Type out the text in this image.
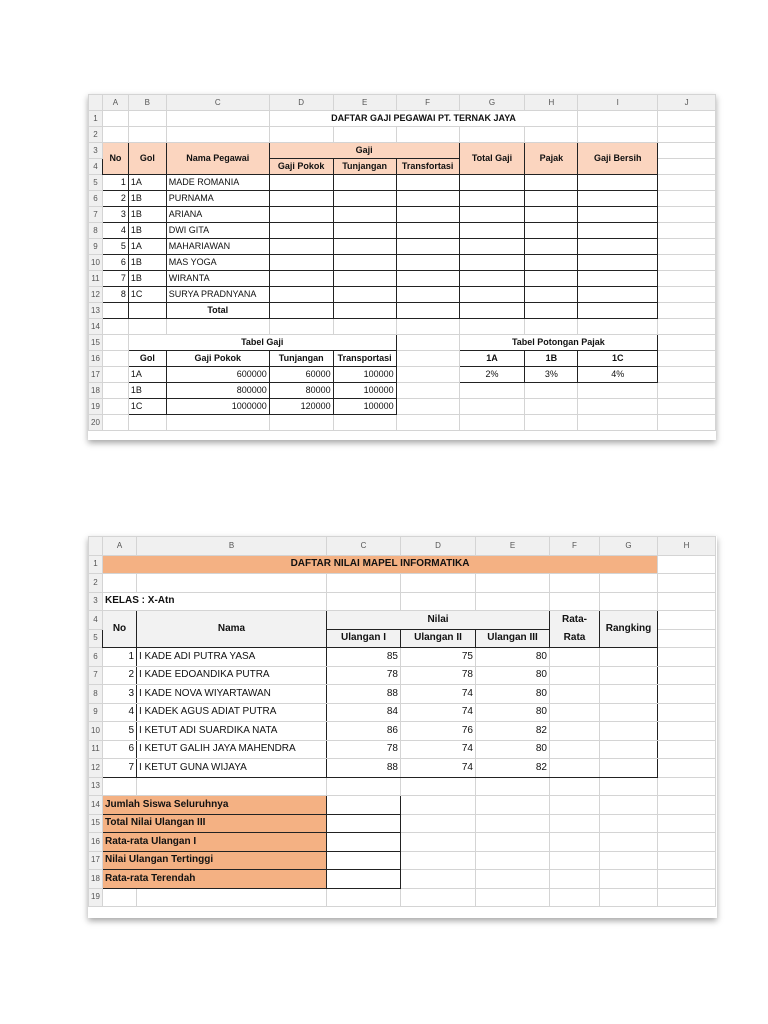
	A	B	C	D	E	F	G	H	I	J
1				DAFTAR GAJI PEGAWAI PT. TERNAK JAYA						
2										
3	No	Gol	Nama Pegawai	Gaji			Total Gaji	Pajak	Gaji Bersih	
4				Gaji Pokok	Tunjangan	Transfortasi				
5	1	1A	MADE ROMANIA							
6	2	1B	PURNAMA							
7	3	1B	ARIANA							
8	4	1B	DWI GITA							
9	5	1A	MAHARIAWAN							
10	6	1B	MAS YOGA							
11	7	1B	WIRANTA							
12	8	1C	SURYA PRADNYANA							
13			Total							
14										
15		Tabel Gaji					Tabel Potongan Pajak			
16		Gol	Gaji Pokok	Tunjangan	Transportasi		1A	1B	1C	
17		1A	600000	60000	100000		2%	3%	4%	
18		1B	800000	80000	100000					
19		1C	1000000	120000	100000					
20										
	A	B	C	D	E	F	G	H
1	DAFTAR NILAI MAPEL INFORMATIKA							
2								
3	KELAS : X-Atn							
4	No	Nama	Nilai			Rata-	Rangking	
5			Ulangan I	Ulangan II	Ulangan III	Rata		
6	1	I KADE ADI PUTRA YASA	85	75	80			
7	2	I KADE EDOANDIKA PUTRA	78	78	80			
8	3	I KADE NOVA WIYARTAWAN	88	74	80			
9	4	I KADEK AGUS ADIAT PUTRA	84	74	80			
10	5	I KETUT ADI SUARDIKA NATA	86	76	82			
11	6	I KETUT GALIH JAYA MAHENDRA	78	74	80			
12	7	I KETUT GUNA WIJAYA	88	74	82			
13								
14	Jumlah Siswa Seluruhnya							
15	Total Nilai Ulangan III							
16	Rata-rata Ulangan I							
17	Nilai Ulangan Tertinggi							
18	Rata-rata Terendah							
19								
